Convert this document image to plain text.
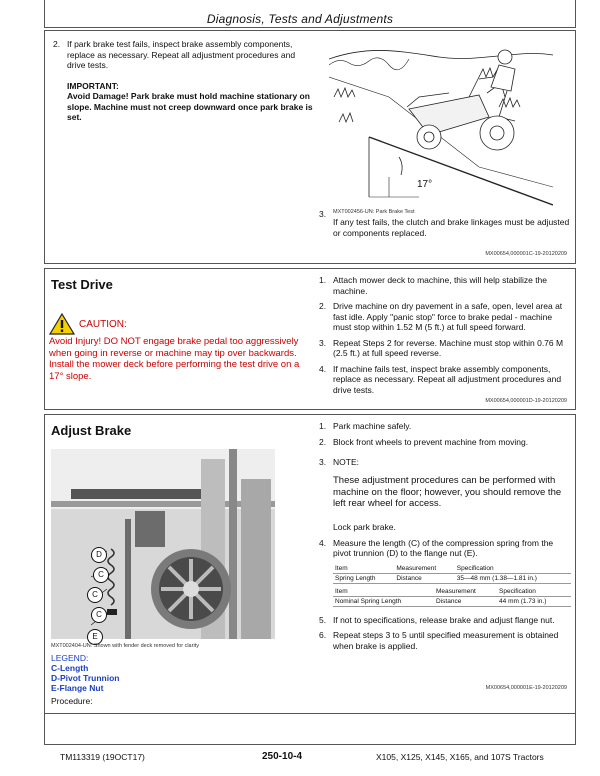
Diagnosis, Tests and Adjustments
2. If park brake test fails, inspect brake assembly components, replace as necessary. Repeat all adjustment procedures and drive tests.
IMPORTANT:
Avoid Damage! Park brake must hold machine stationary on slope. Machine must not creep downward once park brake is set.
17°
3. MXT002456-UN: Park Brake Test
If any test fails, the clutch and brake linkages must be adjusted or components replaced.
MX00654,000001C-19-20120209
Test Drive
CAUTION:
Avoid Injury! DO NOT engage brake pedal too aggressively when going in reverse or machine may tip over backwards. Install the mower deck before performing the test drive on a 17° slope.
1. Attach mower deck to machine, this will help stabilize the machine.
2. Drive machine on dry pavement in a safe, open, level area at fast idle. Apply "panic stop" force to brake pedal - machine must stop within 1.52 M (5 ft.) at full speed forward.
3. Repeat Steps 2 for reverse. Machine must stop within 0.76 M (2.5 ft.) at full speed reverse.
4. If machine fails test, inspect brake assembly components, replace as necessary. Repeat all adjustment procedures and drive tests.
MX00654,000001D-19-20120209
Adjust Brake
D
C
C
C
E
MXT002404-UN: Shown with fender deck removed for clarity
LEGEND:
C-Length
D-Pivot Trunnion
E-Flange Nut
Procedure:
1. Park machine safely.
2. Block front wheels to prevent machine from moving.
3. NOTE:
These adjustment procedures can be performed with machine on the floor; however, you should remove the left rear wheel for access.
Lock park brake.
4. Measure the length (C) of the compression spring from the pivot trunnion (D) to the flange nut (E).
Item	Measurement	Specification
Spring Length	Distance	35—48 mm (1.38—1.81 in.)
Item	Measurement	Specification
Nominal Spring Length	Distance	44 mm (1.73 in.)
5. If not to specifications, release brake and adjust flange nut.
6. Repeat steps 3 to 5 until specified measurement is obtained when brake is applied.
MX00654,000001E-19-20120209
TM113319 (19OCT17)	250-10-4	X105, X125, X145, X165, and 107S Tractors
